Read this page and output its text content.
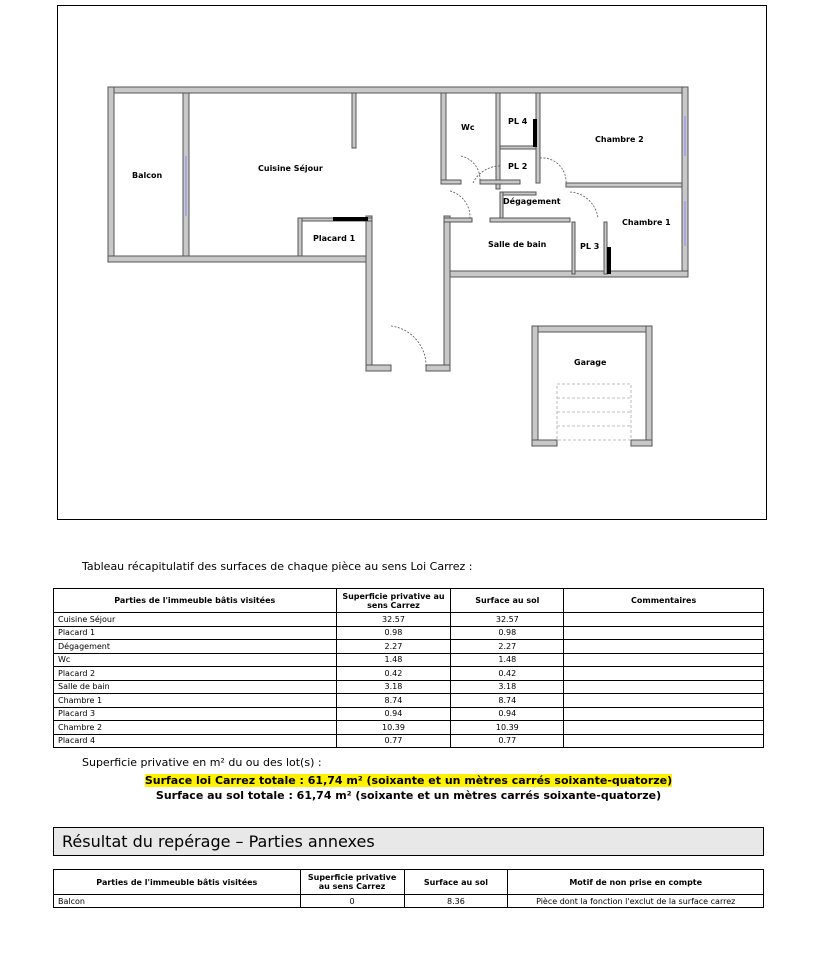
Balcon
Cuisine Séjour
Placard 1
Wc
PL 4
PL 2
Dégagement
Chambre 2
Chambre 1
Salle de bain	PL 3
Garage
Tableau récapitulatif des surfaces de chaque pièce au sens Loi Carrez :
Parties de l'immeuble bâtis visitées	Superficie privative au sens Carrez	Surface au sol	Commentaires
Cuisine Séjour	32.57	32.57	
Placard 1	0.98	0.98	
Dégagement	2.27	2.27	
Wc	1.48	1.48	
Placard 2	0.42	0.42	
Salle de bain	3.18	3.18	
Chambre 1	8.74	8.74	
Placard 3	0.94	0.94	
Chambre 2	10.39	10.39	
Placard 4	0.77	0.77	
Superficie privative en m² du ou des lot(s) :
Surface loi Carrez totale : 61,74 m² (soixante et un mètres carrés soixante-quatorze)
Surface au sol totale : 61,74 m² (soixante et un mètres carrés soixante-quatorze)
Résultat du repérage – Parties annexes
Parties de l'immeuble bâtis visitées	Superficie privative au sens Carrez	Surface au sol	Motif de non prise en compte
Balcon	0	8.36	Pièce dont la fonction l'exclut de la surface carrez
